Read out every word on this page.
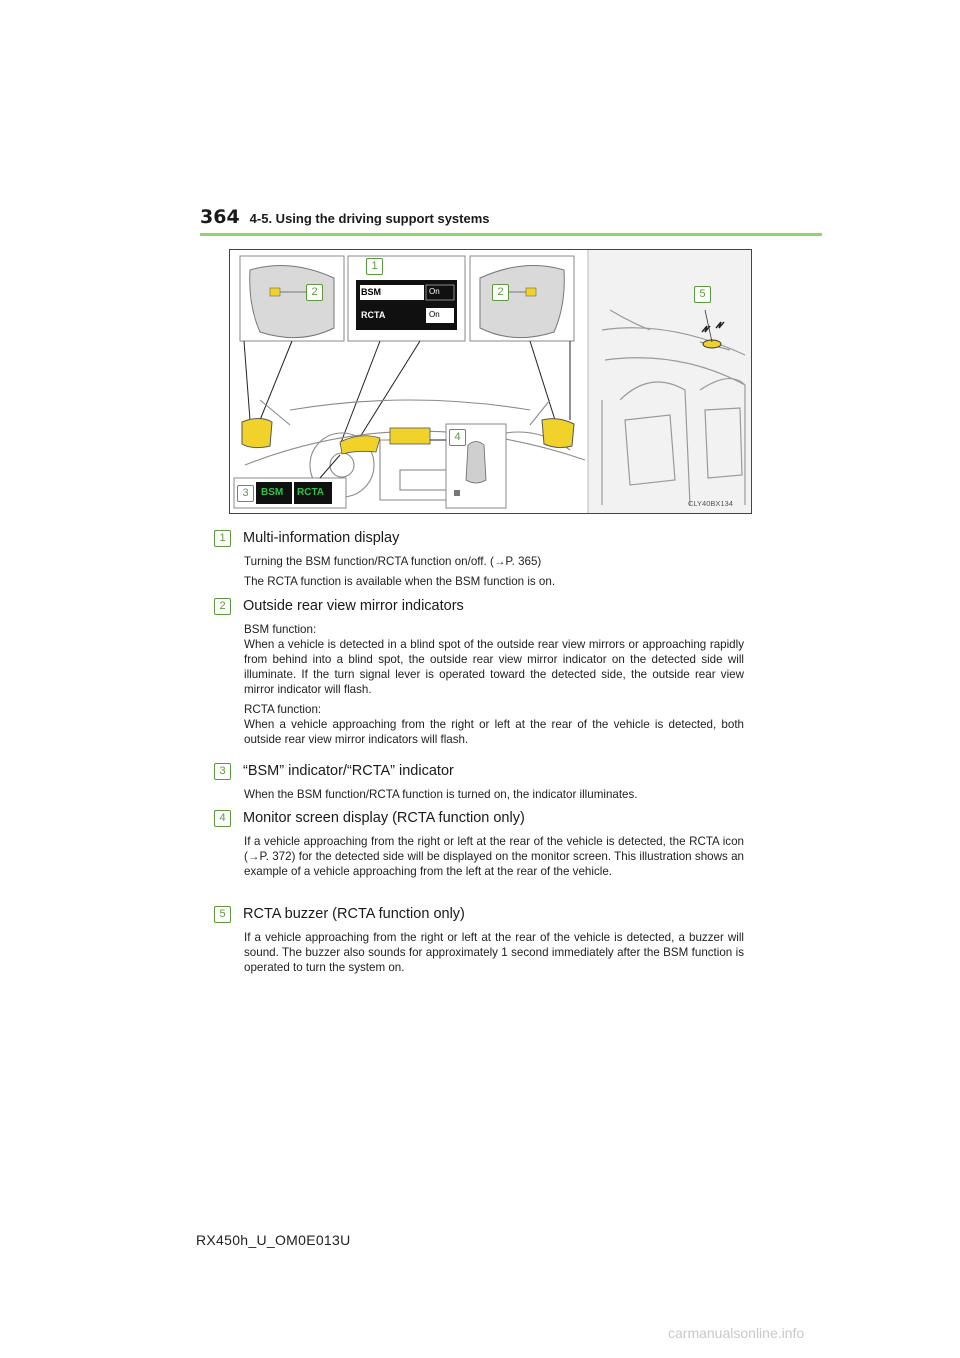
364 4-5. Using the driving support systems
1
2	2
3
4
5
BSM	On
RCTA	On
BSM RCTA
CLY40BX134
1	Multi-information display

Turning the BSM function/RCTA function on/off. (→P. 365)

The RCTA function is available when the BSM function is on.

2	Outside rear view mirror indicators

BSM function:
When a vehicle is detected in a blind spot of the outside rear view mirrors or approaching rapidly from behind into a blind spot, the outside rear view mirror indicator on the detected side will illuminate. If the turn signal lever is operated toward the detected side, the outside rear view mirror indicator will flash.

RCTA function:
When a vehicle approaching from the right or left at the rear of the vehicle is detected, both outside rear view mirror indicators will flash.

3	“BSM” indicator/“RCTA” indicator

When the BSM function/RCTA function is turned on, the indicator illuminates.

4	Monitor screen display (RCTA function only)

If a vehicle approaching from the right or left at the rear of the vehicle is detected, the RCTA icon (→P. 372) for the detected side will be displayed on the monitor screen. This illustration shows an example of a vehicle approaching from the left at the rear of the vehicle.

5	RCTA buzzer (RCTA function only)

If a vehicle approaching from the right or left at the rear of the vehicle is detected, a buzzer will sound. The buzzer also sounds for approximately 1 second immediately after the BSM function is operated to turn the system on.

RX450h_U_OM0E013U
carmanualsonline.info
